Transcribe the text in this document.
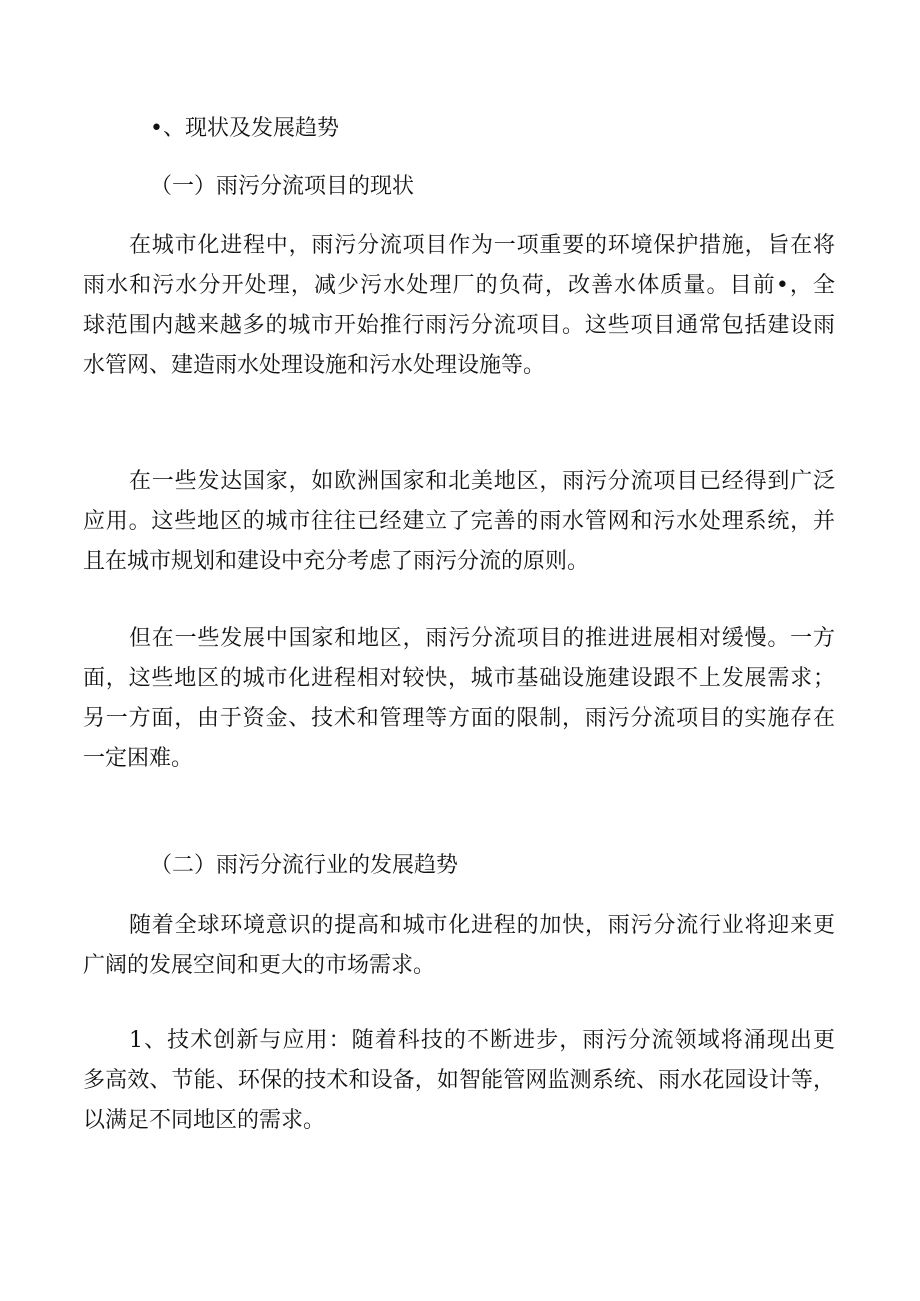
•、现状及发展趋势
（一）雨污分流项目的现状

在城市化进程中，雨污分流项目作为一项重要的环境保护措施，旨在将
雨水和污水分开处理，减少污水处理厂的负荷，改善水体质量。目前•，全
球范围内越来越多的城市开始推行雨污分流项目。这些项目通常包括建设雨
水管网、建造雨水处理设施和污水处理设施等。

在一些发达国家，如欧洲国家和北美地区，雨污分流项目已经得到广泛
应用。这些地区的城市往往已经建立了完善的雨水管网和污水处理系统，并
且在城市规划和建设中充分考虑了雨污分流的原则。

但在一些发展中国家和地区，雨污分流项目的推进进展相对缓慢。一方
面，这些地区的城市化进程相对较快，城市基础设施建设跟不上发展需求；
另一方面，由于资金、技术和管理等方面的限制，雨污分流项目的实施存在
一定困难。

（二）雨污分流行业的发展趋势

随着全球环境意识的提高和城市化进程的加快，雨污分流行业将迎来更
广阔的发展空间和更大的市场需求。

1、技术创新与应用：随着科技的不断进步，雨污分流领域将涌现出更
多高效、节能、环保的技术和设备，如智能管网监测系统、雨水花园设计等，
以满足不同地区的需求。
